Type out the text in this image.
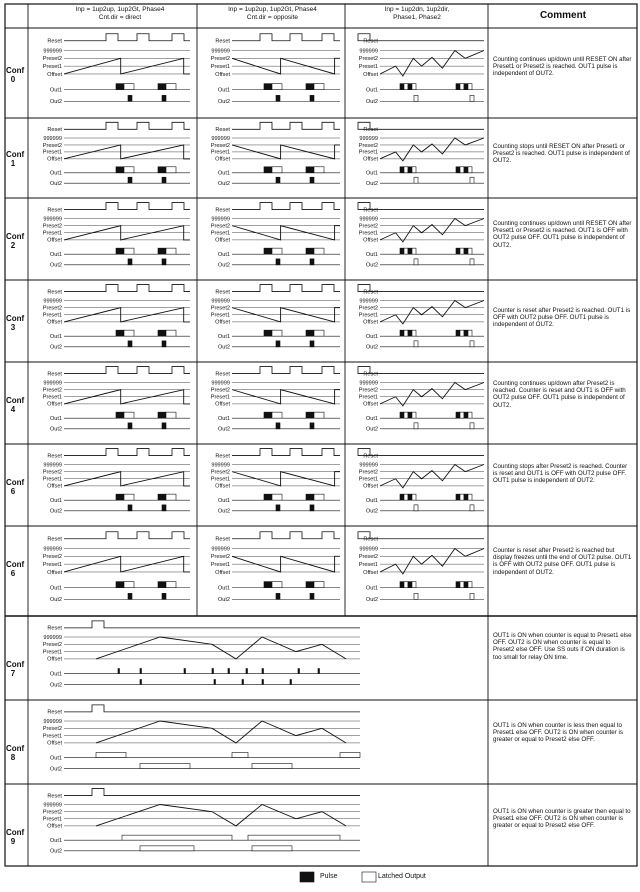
Inp = 1up2up, 1up2Gt, Phase4
Cnt.dir = direct
Inp = 1up2up, 1up2Gt, Phase4
Cnt.dir = opposite
Inp = 1up2dn, 1up2dir,
Phase1, Phase2	Comment
Conf
0
Conf
1
Conf
2
Conf
3
Conf
4
Conf
6
Conf
6
Conf
7
Conf
8
Conf
9
Counting continues up/down until RESET ON after Preset1 or Preset2 is reached. OUT1 pulse is independent of OUT2.
Counting stops until RESET ON after Preset1 or Preset2 is reached. OUT1 pulse is independent of OUT2.
Counting continues up/down until RESET ON after Preset1 or Preset2 is reached. OUT1 is OFF with OUT2 pulse OFF. OUT1 pulse is independent of OUT2.
Counter is reset after Preset2 is reached. OUT1 is OFF with OUT2 pulse OFF. OUT1 pulse is independent of OUT2.
Counting continues up/down after Preset2 is reached. Counter is reset and OUT1 is OFF with OUT2 pulse OFF. OUT1 pulse is independent of OUT2.
Counting stops after Preset2 is reached. Counter is reset and OUT1 is OFF with OUT2 pulse OFF. OUT1 pulse is independent of OUT2.
Counter is reset after Preset2 is reached but display freezes until the end of OUT2 pulse. OUT1 is OFF with OUT2 pulse OFF. OUT1 pulse is independent of OUT2.
OUT1 is ON when counter is equal to Preset1 else OFF. OUT2 is ON when counter is equal to Preset2 else OFF. Use SS outs if ON duration is too small for relay ON time.
OUT1 is ON when counter is less then equal to Preset1 else OFF. OUT2 is ON when counter is greater or equal to Preset2 else OFF.
OUT1 is ON when counter is greater then equal to Preset1 else OFF. OUT2 is ON when counter is greater or equal to Preset2 else OFF.
Pulse	Latched Output
Reset
999999
Preset2
Preset1
Offset
Out1
Out2
Reset
999999
Preset2
Preset1
Offset
Out1
Out2
Reset
999999
Preset2
Preset1
Offset
Out1
Out2
Reset
999999
Preset2
Preset1
Offset
Out1
Out2
Reset
999999
Preset2
Preset1
Offset
Out1
Out2
Reset
999999
Preset2
Preset1
Offset
Out1
Out2
Reset
999999
Preset2
Preset1
Offset
Out1
Out2
Reset
999999
Preset2
Preset1
Offset
Out1
Out2
Reset
999999
Preset2
Preset1
Offset
Out1
Out2
Reset
999999
Preset2
Preset1
Offset
Out1
Out2
Reset
999999
Preset2
Preset1
Offset
Out1
Out2
Reset
999999
Preset2
Preset1
Offset
Out1
Out2
Reset
999999
Preset2
Preset1
Offset
Out1
Out2
Reset
999999
Preset2
Preset1
Offset
Out1
Out2
Reset
999999
Preset2
Preset1
Offset
Out1
Out2
Reset
999999
Preset2
Preset1
Offset
Out1
Out2
Reset
999999
Preset2
Preset1
Offset
Out1
Out2
Reset
999999
Preset2
Preset1
Offset
Out1
Out2
Reset
999999
Preset2
Preset1
Offset
Out1
Out2
Reset
999999
Preset2
Preset1
Offset
Out1
Out2
Reset
999999
Preset2
Preset1
Offset
Out1
Out2
Reset
999999
Preset2
Preset1
Offset
Out1
Out2
Reset
999999
Preset2
Preset1
Offset
Out1
Out2
Reset
999999
Preset2
Preset1
Offset
Out1
Out2
